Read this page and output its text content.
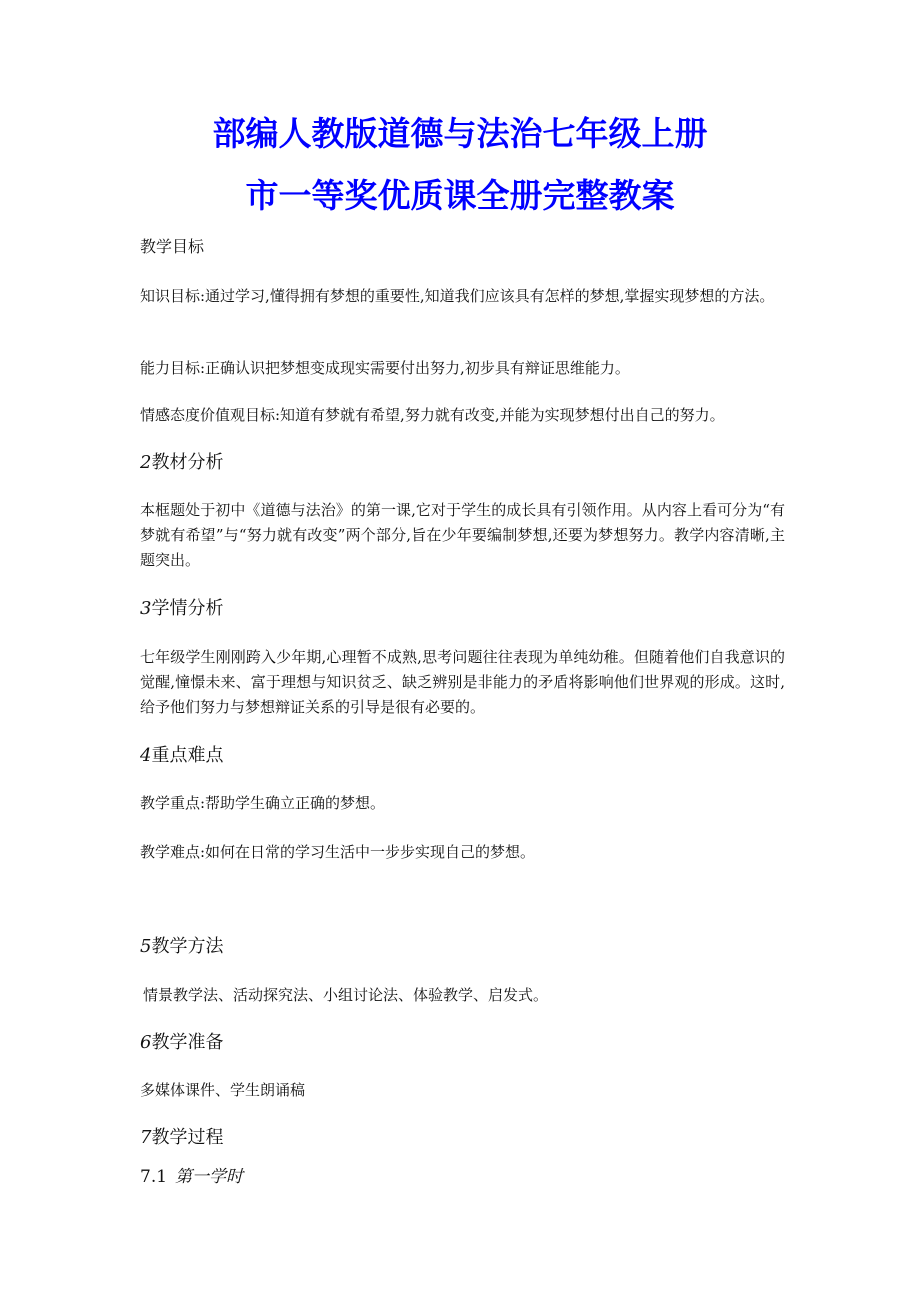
部编人教版道德与法治七年级上册
市一等奖优质课全册完整教案
教学目标
知识目标:通过学习,懂得拥有梦想的重要性,知道我们应该具有怎样的梦想,掌握实现梦想的方法。
能力目标:正确认识把梦想变成现实需要付出努力,初步具有辩证思维能力。
情感态度价值观目标:知道有梦就有希望,努力就有改变,并能为实现梦想付出自己的努力。
2教材分析
本框题处于初中《道德与法治》的第一课,它对于学生的成长具有引领作用。从内容上看可分为“有梦就有希望”与“努力就有改变”两个部分,旨在少年要编制梦想,还要为梦想努力。教学内容清晰,主题突出。
3学情分析
七年级学生刚刚跨入少年期,心理暂不成熟,思考问题往往表现为单纯幼稚。但随着他们自我意识的觉醒,憧憬未来、富于理想与知识贫乏、缺乏辨别是非能力的矛盾将影响他们世界观的形成。这时,给予他们努力与梦想辩证关系的引导是很有必要的。
4重点难点
教学重点:帮助学生确立正确的梦想。
教学难点:如何在日常的学习生活中一步步实现自己的梦想。
5教学方法
情景教学法、活动探究法、小组讨论法、体验教学、启发式。
6教学准备
多媒体课件、学生朗诵稿
7教学过程
7.1 第一学时
